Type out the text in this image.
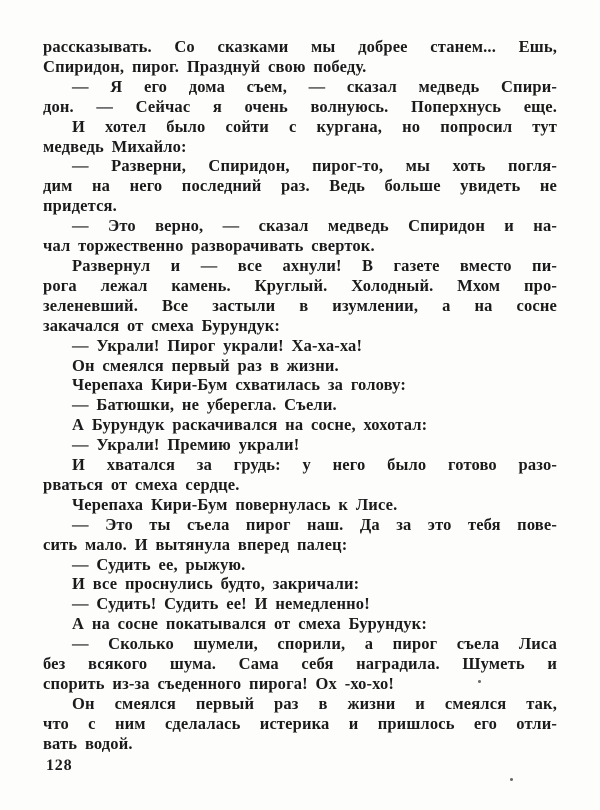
рассказывать. Со сказками мы добрее станем... Ешь,
Спиридон, пирог. Празднуй свою победу.
— Я его дома съем, — сказал медведь Спири-
дон. — Сейчас я очень волнуюсь. Поперхнусь еще.
И хотел было сойти с кургана, но попросил тут
медведь Михайло:
— Разверни, Спиридон, пирог-то, мы хоть погля-
дим на него последний раз. Ведь больше увидеть не
придется.
— Это верно, — сказал медведь Спиридон и на-
чал торжественно разворачивать сверток.
Развернул и — все ахнули! В газете вместо пи-
рога лежал камень. Круглый. Холодный. Мхом про-
зеленевший. Все застыли в изумлении, а на сосне
закачался от смеха Бурундук:
— Украли! Пирог украли! Ха-ха-ха!
Он смеялся первый раз в жизни.
Черепаха Кири-Бум схватилась за голову:
— Батюшки, не уберегла. Съели.
А Бурундук раскачивался на сосне, хохотал:
— Украли! Премию украли!
И хватался за грудь: у него было готово разо-
рваться от смеха сердце.
Черепаха Кири-Бум повернулась к Лисе.
— Это ты съела пирог наш. Да за это тебя пове-
сить мало. И вытянула вперед палец:
— Судить ее, рыжую.
И все проснулись будто, закричали:
— Судить! Судить ее! И немедленно!
А на сосне покатывался от смеха Бурундук:
— Сколько шумели, спорили, а пирог съела Лиса
без всякого шума. Сама себя наградила. Шуметь и
спорить из-за съеденного пирога! Ох -хо-хо!
Он смеялся первый раз в жизни и смеялся так,
что с ним сделалась истерика и пришлось его отли-
вать водой.
128
